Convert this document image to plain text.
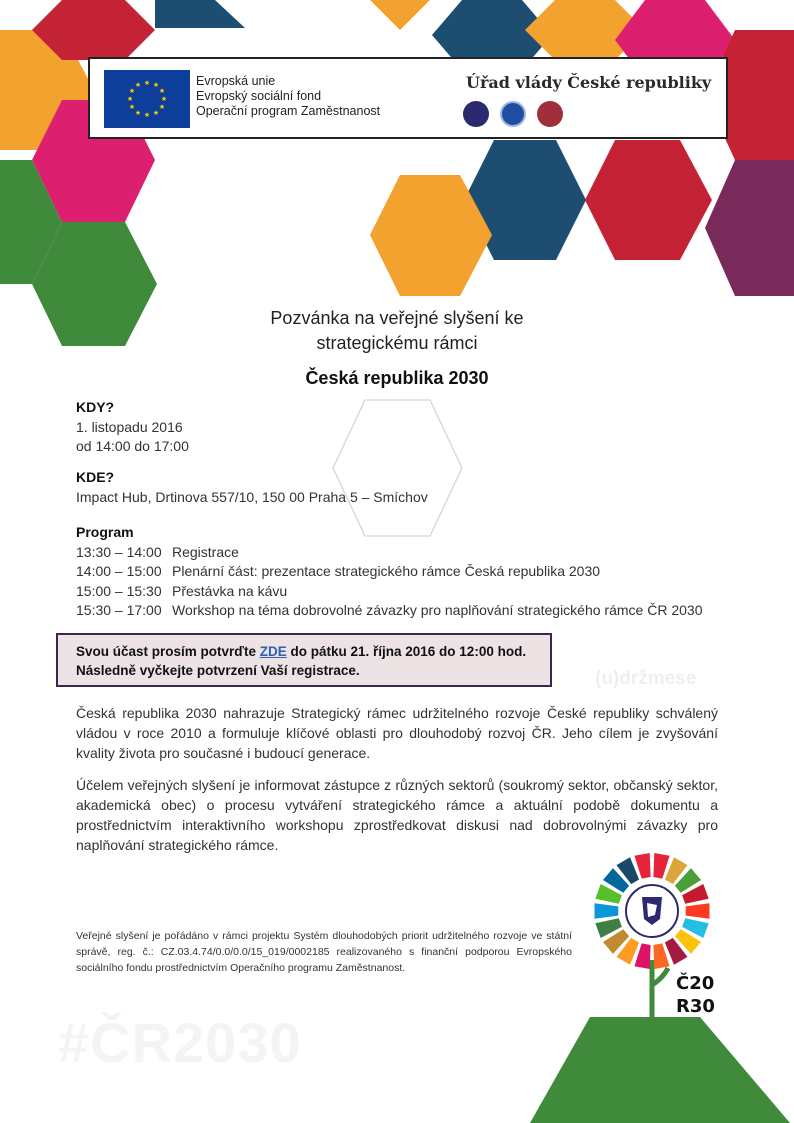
★ ★
★
★
★
★
★
★
★
★
★
★	Evropská unie
Evropský sociální fond
Operační program Zaměstnanost
Úřad vlády České republiky
Pozvánka na veřejné slyšení ke
strategickému rámci
Česká republika 2030
KDY?
1. listopadu 2016
od 14:00 do 17:00
KDE?
Impact Hub, Drtinova 557/10, 150 00 Praha 5 – Smíchov
Program
13:30 – 14:00 Registrace
14:00 – 15:00 Plenární část: prezentace strategického rámce Česká republika 2030
15:00 – 15:30 Přestávka na kávu
15:30 – 17:00 Workshop na téma dobrovolné závazky pro naplňování strategického rámce ČR 2030
Svou účast prosím potvrďte ZDE do pátku 21. října 2016 do 12:00 hod.
Následně vyčkejte potvrzení Vaší registrace.	(u)držmese
Česká republika 2030 nahrazuje Strategický rámec udržitelného rozvoje České republiky schválený vládou v roce 2010 a formuluje klíčové oblasti pro dlouhodobý rozvoj ČR. Jeho cílem je zvyšování kvality života pro současné i budoucí generace.
Účelem veřejných slyšení je informovat zástupce z různých sektorů (soukromý sektor, občanský sektor, akademická obec) o procesu vytváření strategického rámce a aktuální podobě dokumentu a prostřednictvím interaktivního workshopu zprostředkovat diskusi nad dobrovolnými závazky pro naplňování strategického rámce.
Veřejné slyšení je pořádáno v rámci projektu Systém dlouhodobých priorit udržitelného rozvoje ve státní správě, reg. č.: CZ.03.4.74/0.0/0.0/15_019/0002185 realizovaného s finanční podporou Evropského sociálního fondu prostřednictvím Operačního programu Zaměstnanost.
#ČR2030
Č20
R30
